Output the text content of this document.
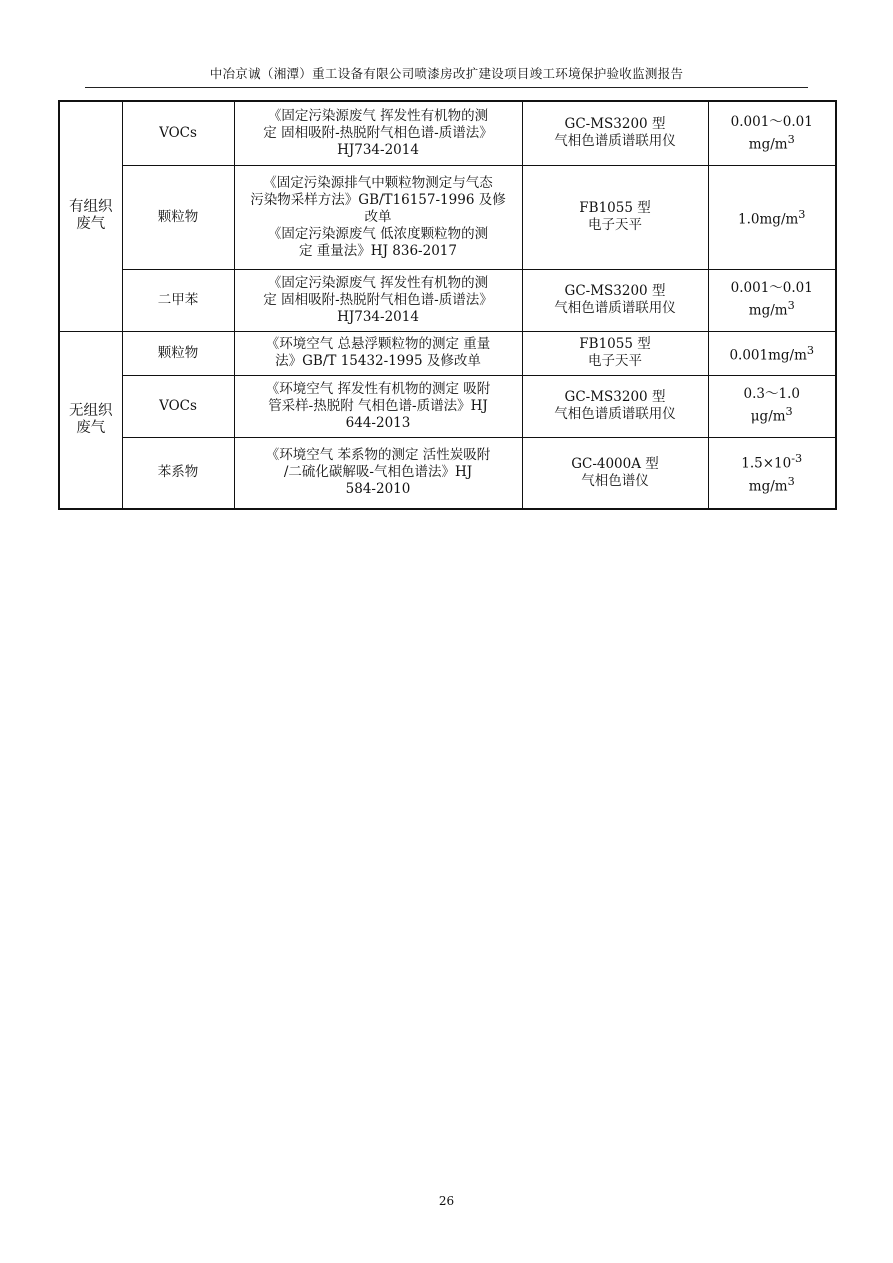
中冶京诚（湘潭）重工设备有限公司喷漆房改扩建设项目竣工环境保护验收监测报告
有组织
废气	VOCs	《固定污染源废气 挥发性有机物的测
定 固相吸附-热脱附气相色谱-质谱法》
HJ734-2014	GC-MS3200 型
气相色谱质谱联用仪	0.001～0.01
$mg/m^3$

	颗粒物	《固定污染源排气中颗粒物测定与气态
污染物采样方法》GB/T16157-1996 及修
改单
《固定污染源废气 低浓度颗粒物的测
定 重量法》HJ 836-2017	FB1055 型
电子天平	$1.0mg/m^3$

	二甲苯	《固定污染源废气 挥发性有机物的测
定 固相吸附-热脱附气相色谱-质谱法》
HJ734-2014	GC-MS3200 型
气相色谱质谱联用仪	0.001～0.01
$mg/m^3$

无组织
废气	颗粒物	《环境空气 总悬浮颗粒物的测定 重量
法》GB/T 15432-1995 及修改单	FB1055 型
电子天平	$0.001mg/m^3$

	VOCs	《环境空气 挥发性有机物的测定 吸附
管采样-热脱附 气相色谱-质谱法》HJ
644-2013	GC-MS3200 型
气相色谱质谱联用仪	0.3～1.0
$\mu g/m^3$

	苯系物	《环境空气 苯系物的测定 活性炭吸附
/二硫化碳解吸-气相色谱法》HJ
584-2010	GC-4000A 型
气相色谱仪	$1.5\times 10^{-3}$
$mg/m^3$
26
